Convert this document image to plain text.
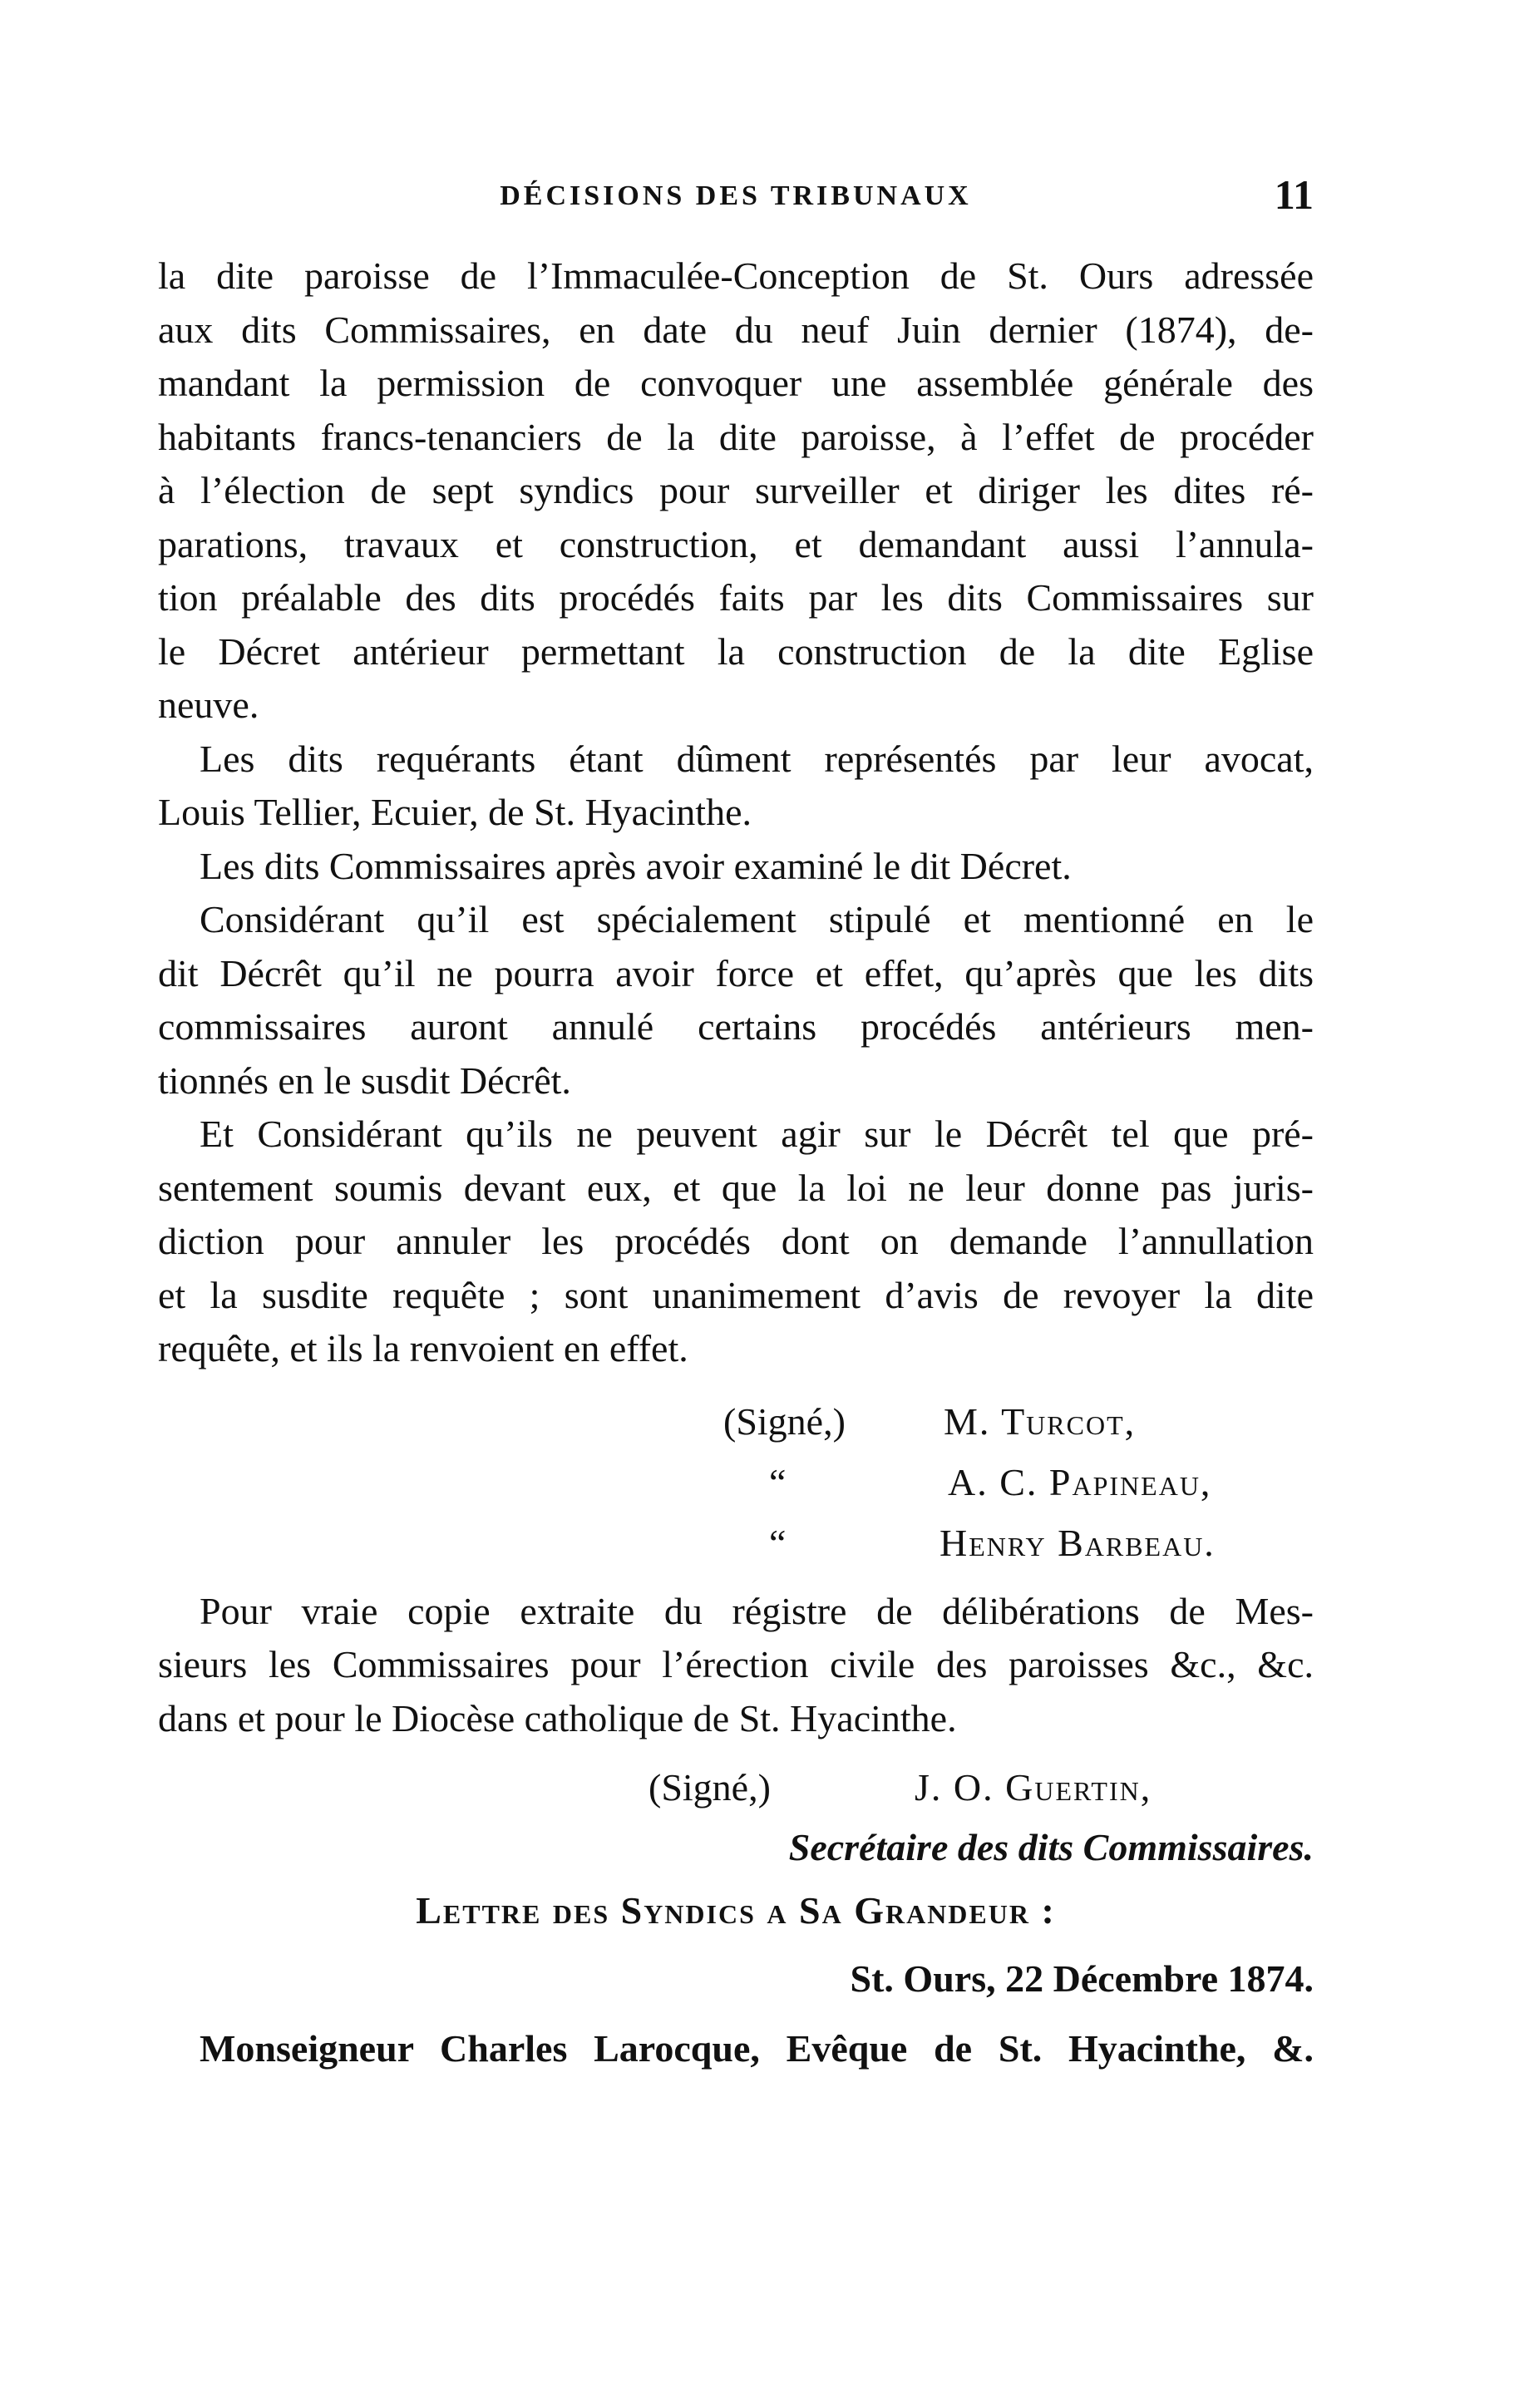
DÉCISIONS DES TRIBUNAUX	11
la dite paroisse de l’Immaculée-Conception de St. Ours adressée
aux dits Commissaires, en date du neuf Juin dernier (1874), de-
mandant la permission de convoquer une assemblée générale des
habitants francs-tenanciers de la dite paroisse, à l’effet de procéder
à l’élection de sept syndics pour surveiller et diriger les dites ré-
parations, travaux et construction, et demandant aussi l’annula-
tion préalable des dits procédés faits par les dits Commissaires sur
le Décret antérieur permettant la construction de la dite Eglise
neuve.
Les dits requérants étant dûment représentés par leur avocat,
Louis Tellier, Ecuier, de St. Hyacinthe.
Les dits Commissaires après avoir examiné le dit Décret.
Considérant qu’il est spécialement stipulé et mentionné en le
dit Décrêt qu’il ne pourra avoir force et effet, qu’après que les dits
commissaires auront annulé certains procédés antérieurs men-
tionnés en le susdit Décrêt.
Et Considérant qu’ils ne peuvent agir sur le Décrêt tel que pré-
sentement soumis devant eux, et que la loi ne leur donne pas juris-
diction pour annuler les procédés dont on demande l’annullation
et la susdite requête ; sont unanimement d’avis de revoyer la dite
requête, et ils la renvoient en effet.
(Signé,)	M. Turcot,
“	A. C. Papineau,
“	Henry Barbeau.
Pour vraie copie extraite du régistre de délibérations de Mes-
sieurs les Commissaires pour l’érection civile des paroisses &c., &c.
dans et pour le Diocèse catholique de St. Hyacinthe.
(Signé,)	J. O. Guertin,
Secrétaire des dits Commissaires.
Lettre des Syndics a Sa Grandeur :
St. Ours, 22 Décembre 1874.
Monseigneur Charles Larocque, Evêque de St. Hyacinthe, &.
